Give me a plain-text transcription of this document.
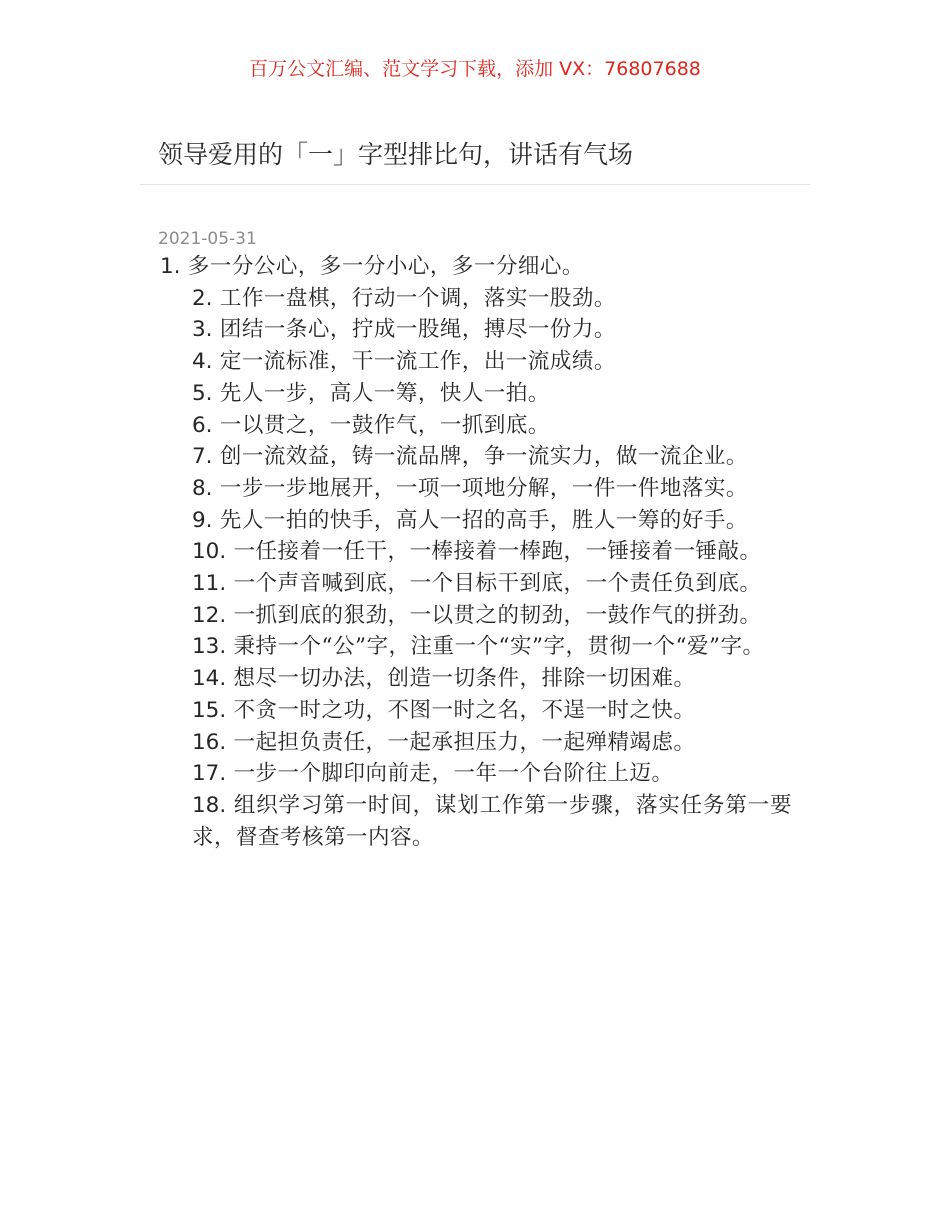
百万公文汇编、范文学习下载，添加 VX：76807688
领导爱用的「一」字型排比句，讲话有气场
2021-05-31

1. 多一分公心，多一分小心，多一分细心。

2. 工作一盘棋，行动一个调，落实一股劲。

3. 团结一条心，拧成一股绳，搏尽一份力。

4. 定一流标准，干一流工作，出一流成绩。

5. 先人一步，高人一筹，快人一拍。

6. 一以贯之，一鼓作气，一抓到底。

7. 创一流效益，铸一流品牌，争一流实力，做一流企业。

8. 一步一步地展开，一项一项地分解，一件一件地落实。

9. 先人一拍的快手，高人一招的高手，胜人一筹的好手。

10. 一任接着一任干，一棒接着一棒跑，一锤接着一锤敲。

11. 一个声音喊到底，一个目标干到底，一个责任负到底。

12. 一抓到底的狠劲，一以贯之的韧劲，一鼓作气的拼劲。

13. 秉持一个“公”字，注重一个“实”字，贯彻一个“爱”字。

14. 想尽一切办法，创造一切条件，排除一切困难。

15. 不贪一时之功，不图一时之名，不逞一时之快。

16. 一起担负责任，一起承担压力，一起殚精竭虑。

17. 一步一个脚印向前走，一年一个台阶往上迈。

18. 组织学习第一时间，谋划工作第一步骤，落实任务第一要求，督查考核第一内容。
